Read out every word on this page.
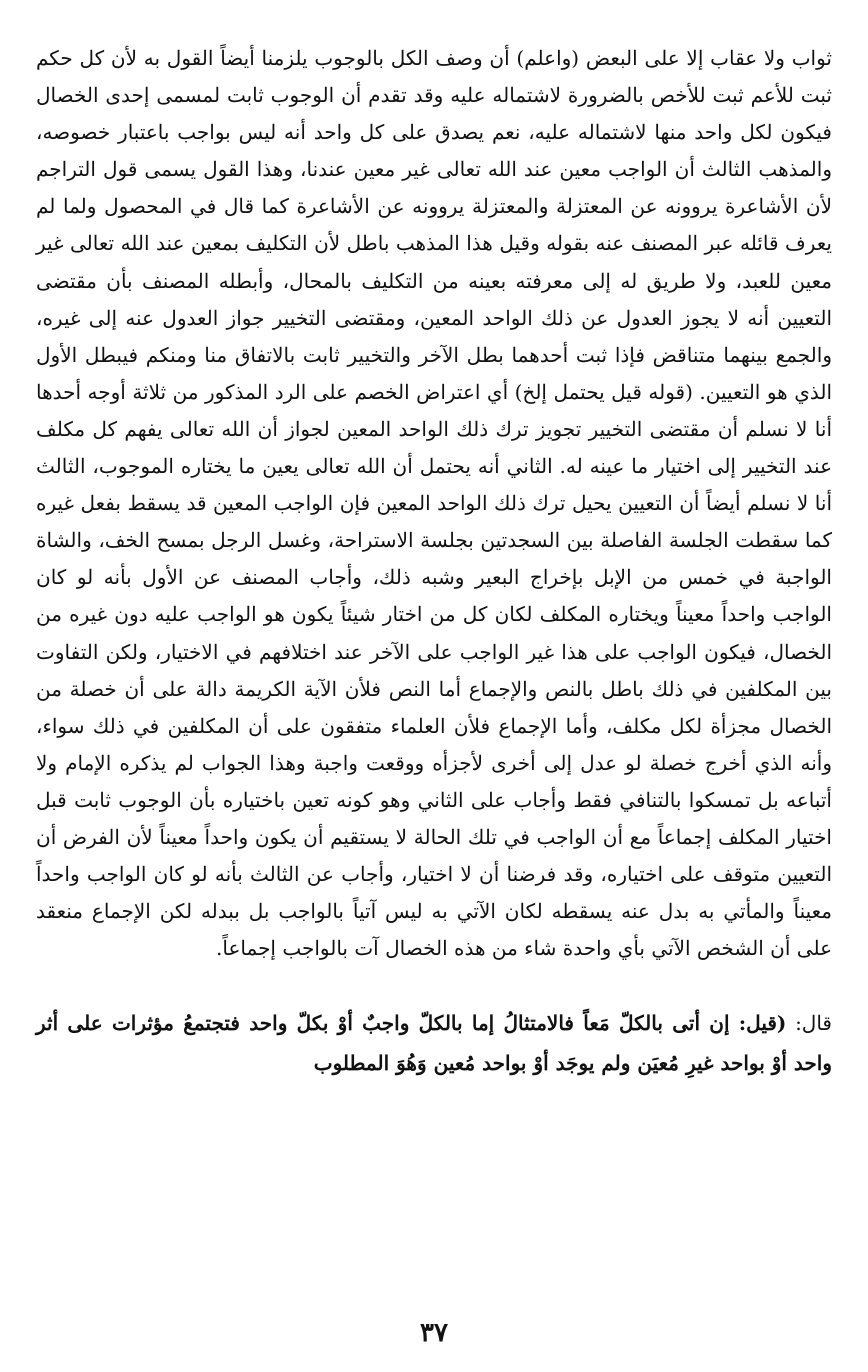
ثواب ولا عقاب إلا على البعض (واعلم) أن وصف الكل بالوجوب يلزمنا أيضاً القول به لأن كل حكم ثبت للأعم ثبت للأخص بالضرورة لاشتماله عليه وقد تقدم أن الوجوب ثابت لمسمى إحدى الخصال فيكون لكل واحد منها لاشتماله عليه، نعم يصدق على كل واحد أنه ليس بواجب باعتبار خصوصه، والمذهب الثالث أن الواجب معين عند الله تعالى غير معين عندنا، وهذا القول يسمى قول التراجم لأن الأشاعرة يروونه عن المعتزلة والمعتزلة يروونه عن الأشاعرة كما قال في المحصول ولما لم يعرف قائله عبر المصنف عنه بقوله وقيل هذا المذهب باطل لأن التكليف بمعين عند الله تعالى غير معين للعبد، ولا طريق له إلى معرفته بعينه من التكليف بالمحال، وأبطله المصنف بأن مقتضى التعيين أنه لا يجوز العدول عن ذلك الواحد المعين، ومقتضى التخيير جواز العدول عنه إلى غيره، والجمع بينهما متناقض فإذا ثبت أحدهما بطل الآخر والتخيير ثابت بالاتفاق منا ومنكم فيبطل الأول الذي هو التعيين. (قوله قيل يحتمل إلخ) أي اعتراض الخصم على الرد المذكور من ثلاثة أوجه أحدها أنا لا نسلم أن مقتضى التخيير تجويز ترك ذلك الواحد المعين لجواز أن الله تعالى يفهم كل مكلف عند التخيير إلى اختيار ما عينه له. الثاني أنه يحتمل أن الله تعالى يعين ما يختاره الموجوب، الثالث أنا لا نسلم أيضاً أن التعيين يحيل ترك ذلك الواحد المعين فإن الواجب المعين قد يسقط بفعل غيره كما سقطت الجلسة الفاصلة بين السجدتين بجلسة الاستراحة، وغسل الرجل بمسح الخف، والشاة الواجبة في خمس من الإبل بإخراج البعير وشبه ذلك، وأجاب المصنف عن الأول بأنه لو كان الواجب واحداً معيناً ويختاره المكلف لكان كل من اختار شيئاً يكون هو الواجب عليه دون غيره من الخصال، فيكون الواجب على هذا غير الواجب على الآخر عند اختلافهم في الاختيار، ولكن التفاوت بين المكلفين في ذلك باطل بالنص والإجماع أما النص فلأن الآية الكريمة دالة على أن خصلة من الخصال مجزأة لكل مكلف، وأما الإجماع فلأن العلماء متفقون على أن المكلفين في ذلك سواء، وأنه الذي أخرج خصلة لو عدل إلى أخرى لأجزأه ووقعت واجبة وهذا الجواب لم يذكره الإمام ولا أتباعه بل تمسكوا بالتنافي فقط وأجاب على الثاني وهو كونه تعين باختياره بأن الوجوب ثابت قبل اختيار المكلف إجماعاً مع أن الواجب في تلك الحالة لا يستقيم أن يكون واحداً معيناً لأن الفرض أن التعيين متوقف على اختياره، وقد فرضنا أن لا اختيار، وأجاب عن الثالث بأنه لو كان الواجب واحداً معيناً والمأتي به بدل عنه يسقطه لكان الآتي به ليس آتياً بالواجب بل ببدله لكن الإجماع منعقد على أن الشخص الآتي بأي واحدة شاء من هذه الخصال آت بالواجب إجماعاً.

قال: (قيل: إن أتى بالكلّ مَعاً فالامتثالُ إما بالكلّ واجبٌ أوْ بكلّ واحد فتجتمعُ مؤثرات على أثر واحد أوْ بواحد غيرِ مُعيَن ولم يوجَد أوْ بواحد مُعين وَهُوَ المطلوب
٣٧
